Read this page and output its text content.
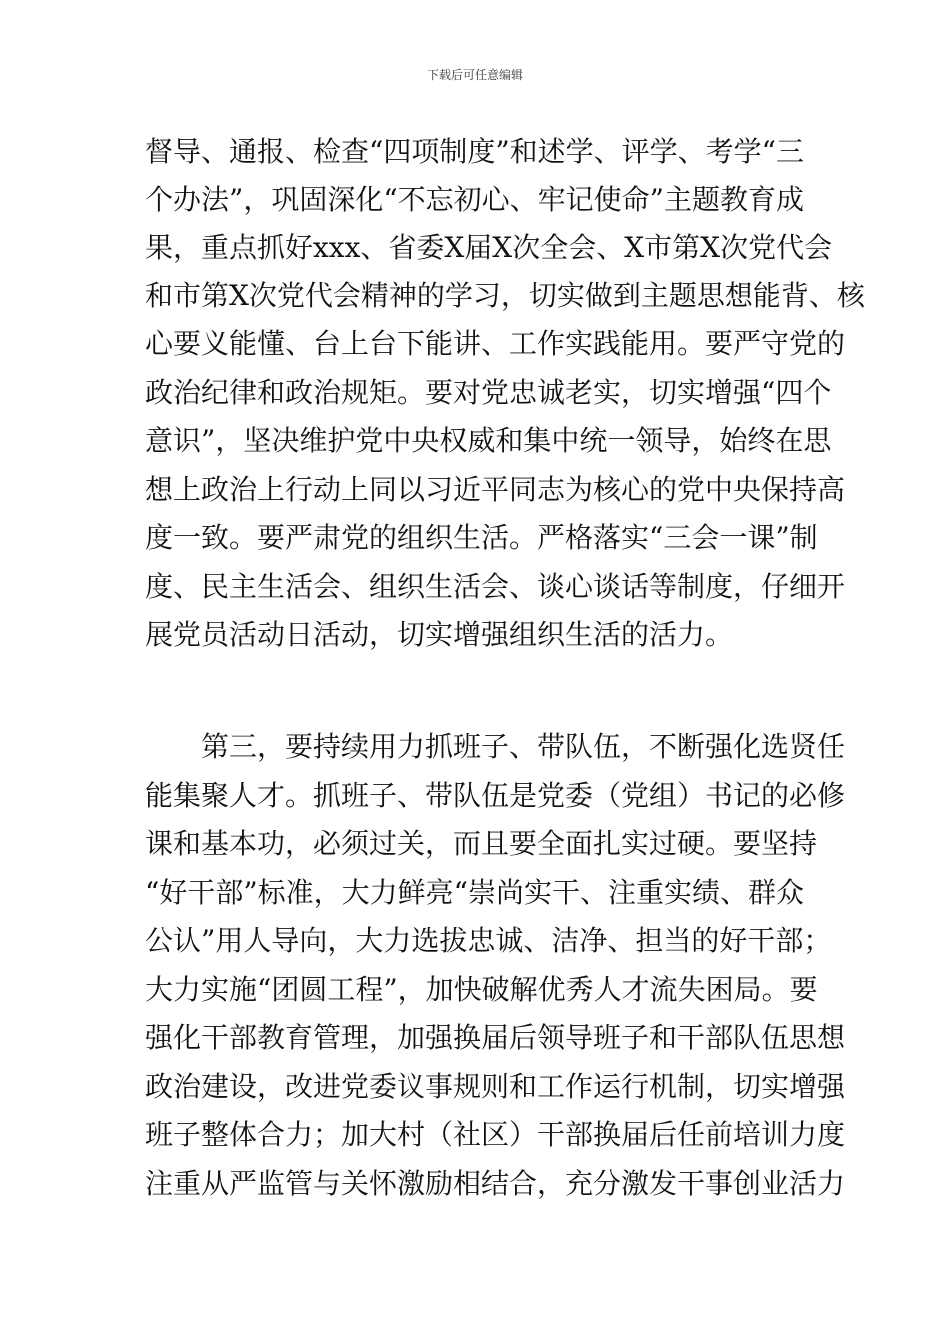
下载后可任意编辑
督导、通报、检查“四项制度”和述学、评学、考学“三
个办法”，巩固深化“不忘初心、牢记使命”主题教育成
果，重点抓好xxx、省委X届X次全会、X市第X次党代会
和市第X次党代会精神的学习，切实做到主题思想能背、核
心要义能懂、台上台下能讲、工作实践能用。要严守党的
政治纪律和政治规矩。要对党忠诚老实，切实增强“四个
意识”，坚决维护党中央权威和集中统一领导，始终在思
想上政治上行动上同以习近平同志为核心的党中央保持高
度一致。要严肃党的组织生活。严格落实“三会一课”制
度、民主生活会、组织生活会、谈心谈话等制度，仔细开
展党员活动日活动，切实增强组织生活的活力。
第三，要持续用力抓班子、带队伍，不断强化选贤任
能集聚人才。抓班子、带队伍是党委（党组）书记的必修
课和基本功，必须过关，而且要全面扎实过硬。要坚持
“好干部”标准，大力鲜亮“崇尚实干、注重实绩、群众
公认”用人导向，大力选拔忠诚、洁净、担当的好干部；
大力实施“团圆工程”，加快破解优秀人才流失困局。要
强化干部教育管理，加强换届后领导班子和干部队伍思想
政治建设，改进党委议事规则和工作运行机制，切实增强
班子整体合力；加大村（社区）干部换届后任前培训力度
注重从严监管与关怀激励相结合，充分激发干事创业活力
